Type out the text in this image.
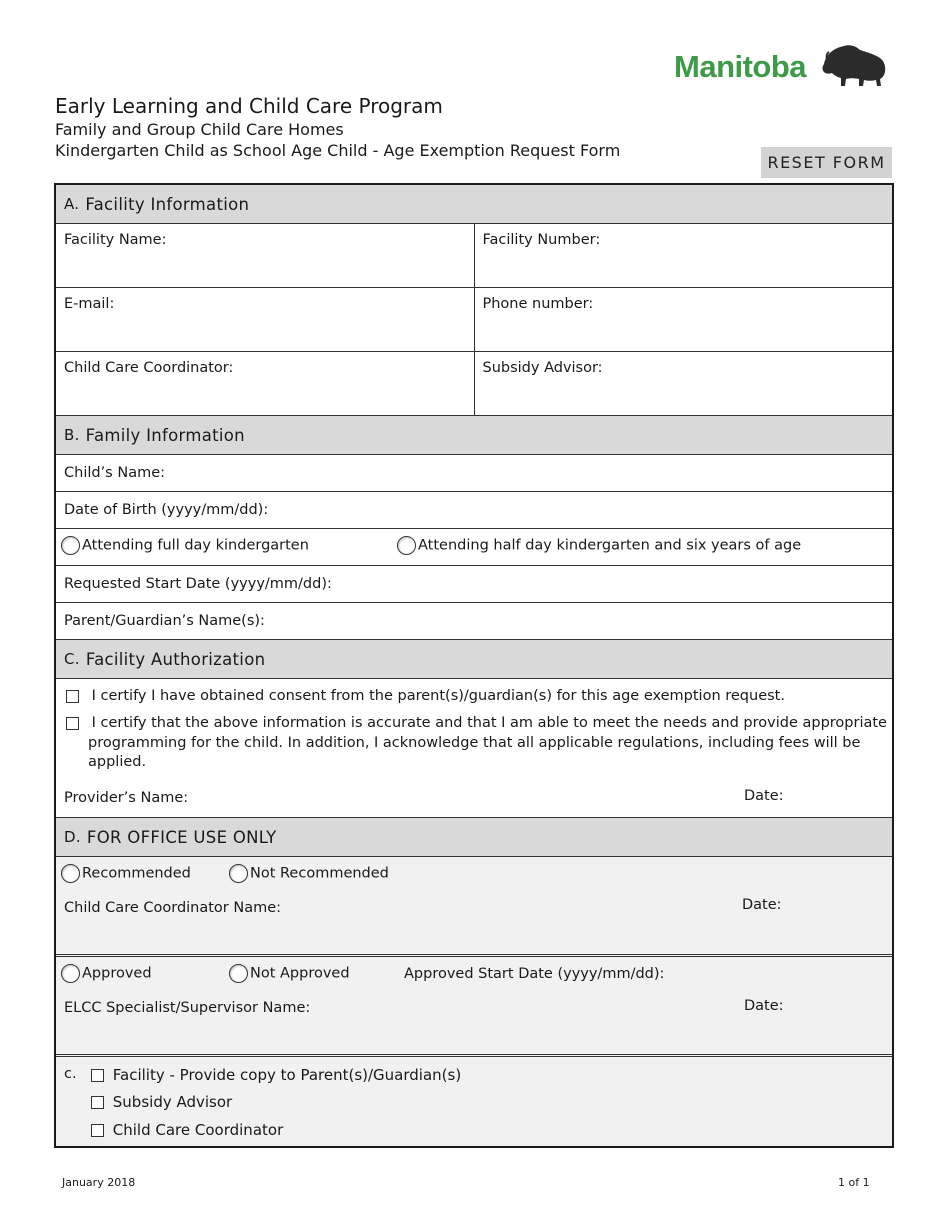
Manitoba
Early Learning and Child Care Program
Family and Group Child Care Homes
Kindergarten Child as School Age Child - Age Exemption Request Form
RESET FORM
A. Facility Information
Facility Name:	Facility Number:
E-mail:	Phone number:
Child Care Coordinator:	Subsidy Advisor:
B. Family Information
Child’s Name:
Date of Birth (yyyy/mm/dd):
Attending full day kindergarten	Attending half day kindergarten and six years of age
Requested Start Date (yyyy/mm/dd):
Parent/Guardian’s Name(s):
C. Facility Authorization
I certify I have obtained consent from the parent(s)/guardian(s) for this age exemption request.
I certify that the above information is accurate and that I am able to meet the needs and provide appropriate
programming for the child. In addition, I acknowledge that all applicable regulations, including fees will be
applied.
Provider’s Name:	Date:
D. FOR OFFICE USE ONLY
Recommended	Not Recommended
Child Care Coordinator Name:	Date:
Approved	Not Approved	Approved Start Date (yyyy/mm/dd):
ELCC Specialist/Supervisor Name:	Date:
c.	Facility - Provide copy to Parent(s)/Guardian(s)
Subsidy Advisor
Child Care Coordinator
January 2018	1 of 1
